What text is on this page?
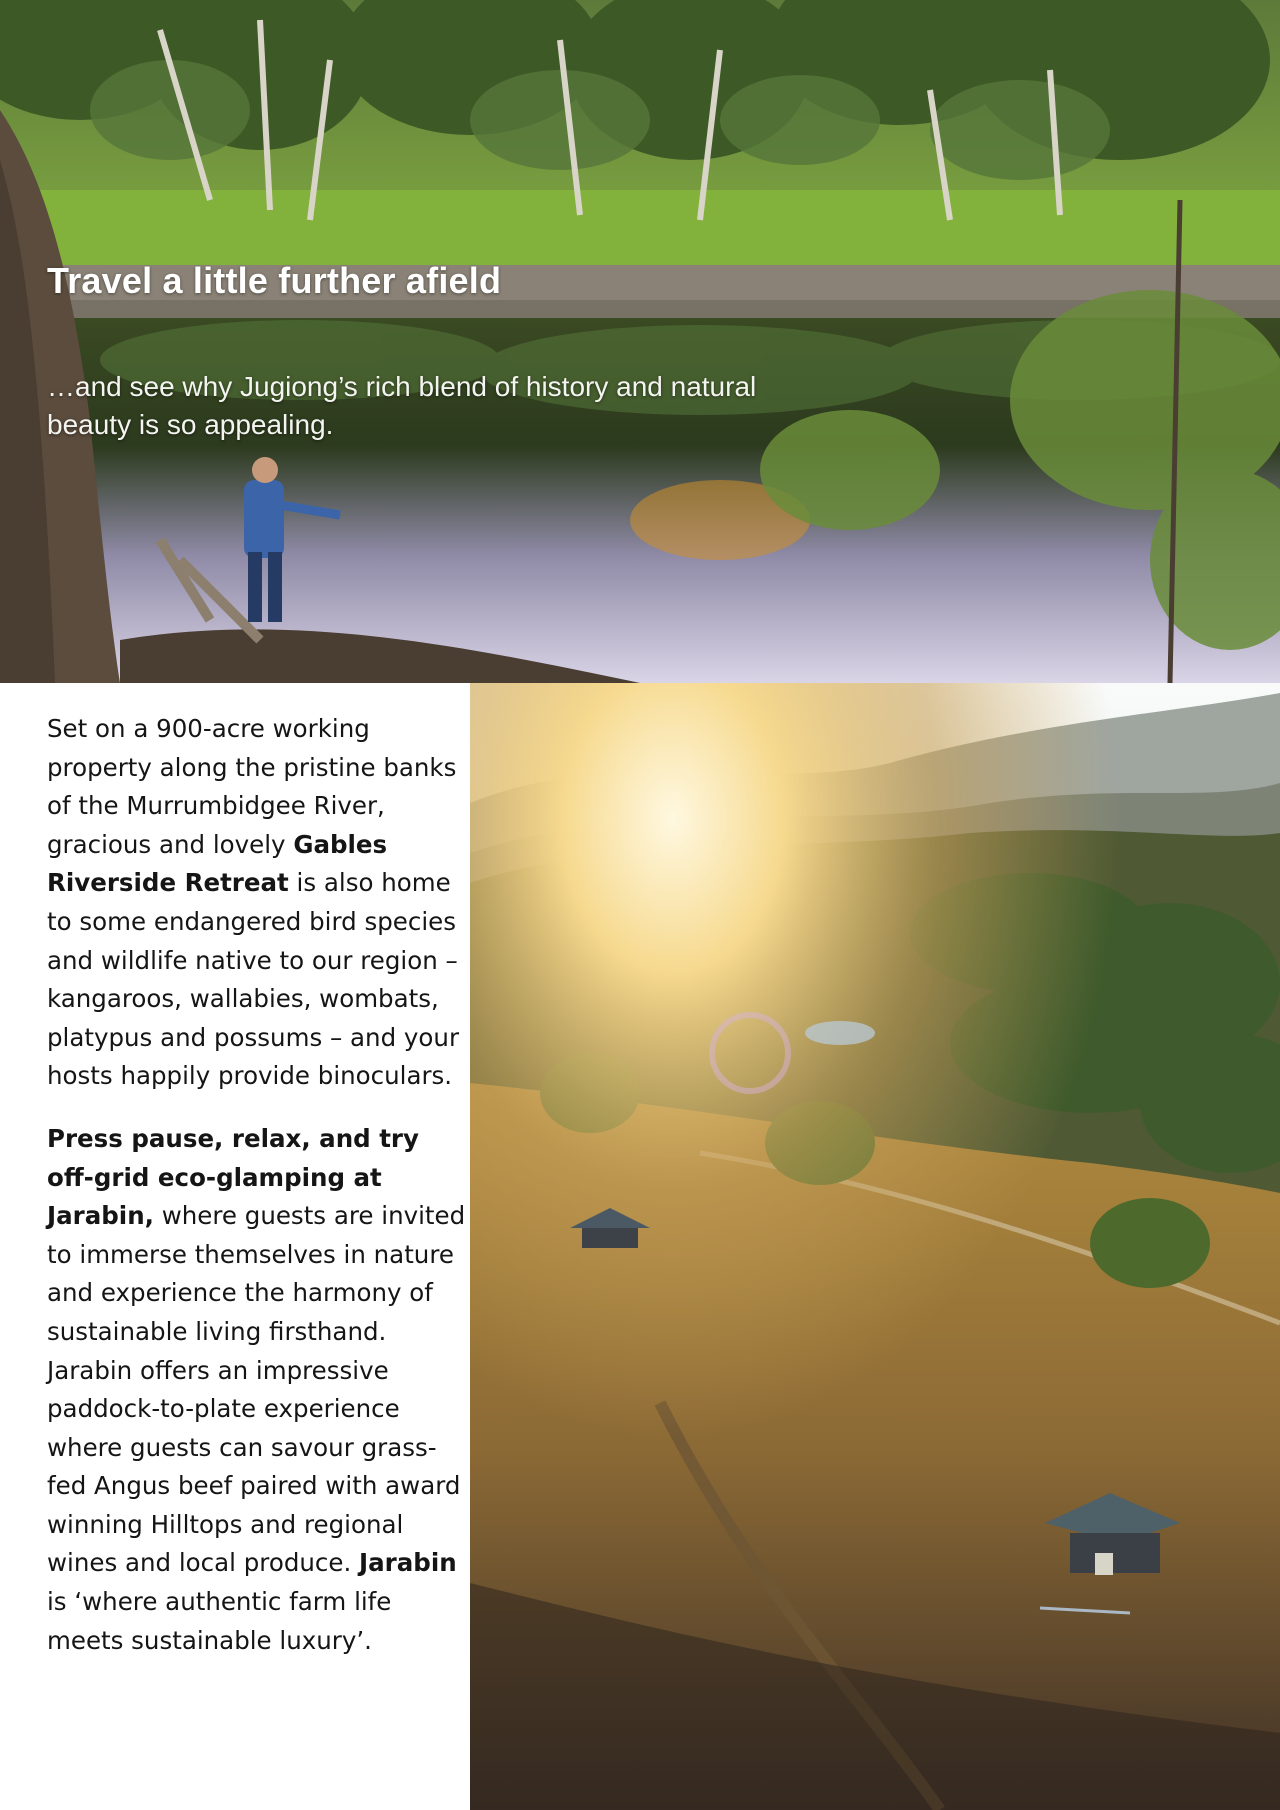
Travel a little further afield

…and see why Jugiong’s rich blend of history and natural beauty is so appealing.

Set on a 900-acre working property along the pristine banks of the Murrumbidgee River, gracious and lovely Gables Riverside Retreat is also home to some endangered bird species and wildlife native to our region – kangaroos, wallabies, wombats, platypus and possums – and your hosts happily provide binoculars.

Press pause, relax, and try off-grid eco-glamping at Jarabin, where guests are invited to immerse themselves in nature and experience the harmony of sustainable living firsthand. Jarabin offers an impressive paddock-to-plate experience where guests can savour grass-fed Angus beef paired with award winning Hilltops and regional wines and local produce. Jarabin is ‘where authentic farm life meets sustainable luxury’.
